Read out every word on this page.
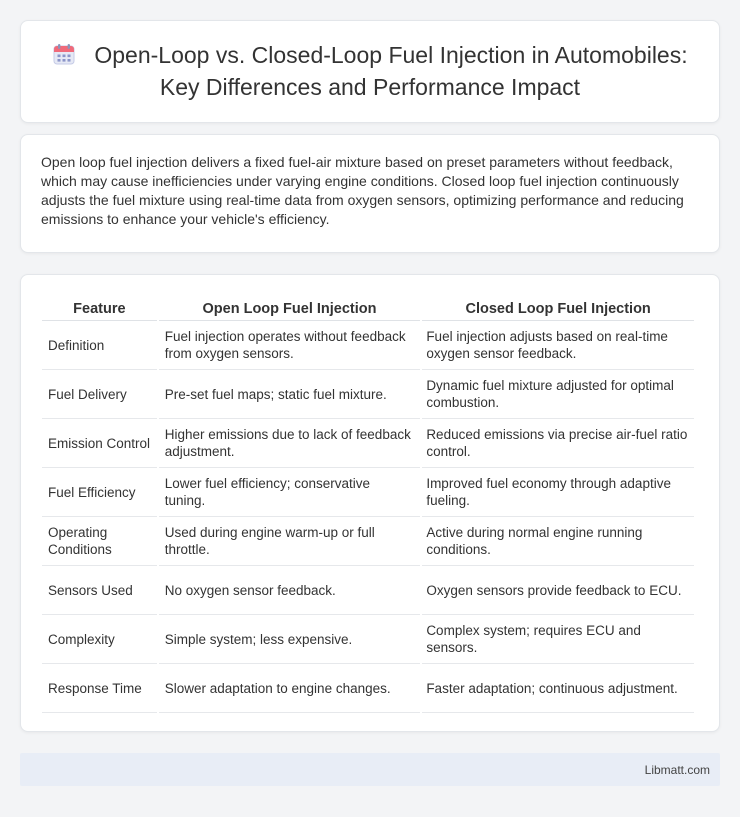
Open-Loop vs. Closed-Loop Fuel Injection in Automobiles: Key Differences and Performance Impact

Open loop fuel injection delivers a fixed fuel-air mixture based on preset parameters without feedback, which may cause inefficiencies under varying engine conditions. Closed loop fuel injection continuously adjusts the fuel mixture using real-time data from oxygen sensors, optimizing performance and reducing emissions to enhance your vehicle's efficiency.

Feature	Open Loop Fuel Injection	Closed Loop Fuel Injection
Definition	Fuel injection operates without feedback from oxygen sensors.	Fuel injection adjusts based on real-time oxygen sensor feedback.
Fuel Delivery	Pre-set fuel maps; static fuel mixture.	Dynamic fuel mixture adjusted for optimal combustion.
Emission Control	Higher emissions due to lack of feedback adjustment.	Reduced emissions via precise air-fuel ratio control.
Fuel Efficiency	Lower fuel efficiency; conservative tuning.	Improved fuel economy through adaptive fueling.
Operating Conditions	Used during engine warm-up or full throttle.	Active during normal engine running conditions.
Sensors Used	No oxygen sensor feedback.	Oxygen sensors provide feedback to ECU.
Complexity	Simple system; less expensive.	Complex system; requires ECU and sensors.
Response Time	Slower adaptation to engine changes.	Faster adaptation; continuous adjustment.
Libmatt.com
